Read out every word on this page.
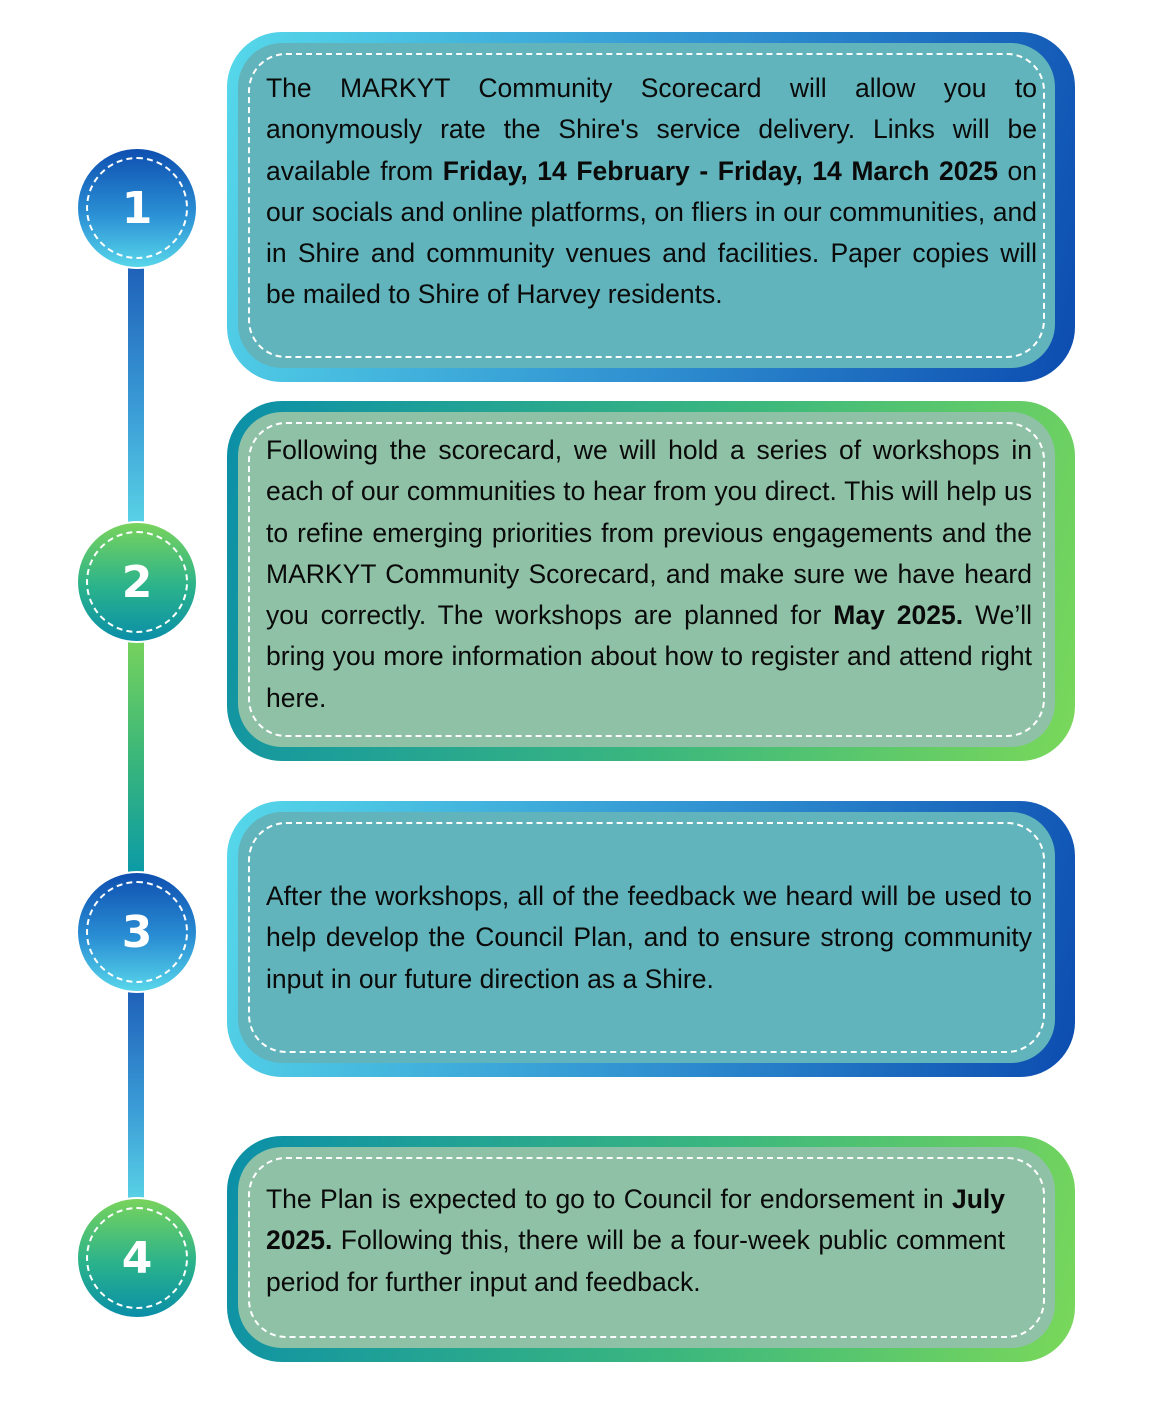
1
2
3
4
The MARKYT Community Scorecard will allow you to anonymously rate the Shire's service delivery. Links will be available from Friday, 14 February - Friday, 14 March 2025 on our socials and online platforms, on fliers in our communities, and in Shire and community venues and facilities. Paper copies will be mailed to Shire of Harvey residents.
Following the scorecard, we will hold a series of workshops in each of our communities to hear from you direct. This will help us to refine emerging priorities from previous engagements and the MARKYT Community Scorecard, and make sure we have heard you correctly. The workshops are planned for May 2025. We’ll bring you more information about how to register and attend right here.
After the workshops, all of the feedback we heard will be used to help develop the Council Plan, and to ensure strong community input in our future direction as a Shire.
The Plan is expected to go to Council for endorsement in July 2025. Following this, there will be a four-week public comment period for further input and feedback.
